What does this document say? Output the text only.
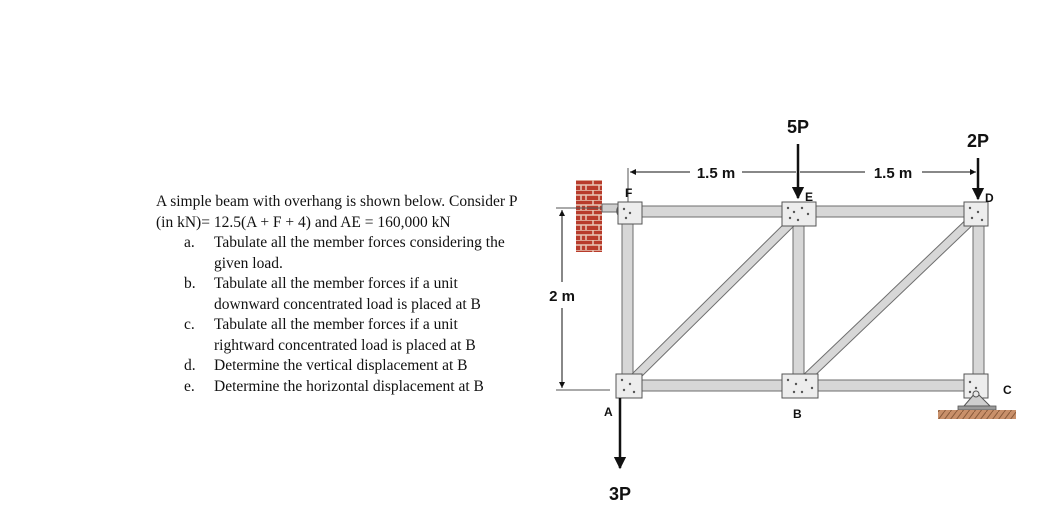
A simple beam with overhang is shown below. Consider P (in kN)= 12.5(A + F + 4) and AE = 160,000 kN

a. Tabulate all the member forces considering the given load.
b. Tabulate all the member forces if a unit downward concentrated load is placed at B
c. Tabulate all the member forces if a unit rightward concentrated load is placed at B
d. Determine the vertical displacement at B
e. Determine the horizontal displacement at B
1.5 m	1.5 m
2 m
5P
2P
3P
F	E	D
A	B
C
